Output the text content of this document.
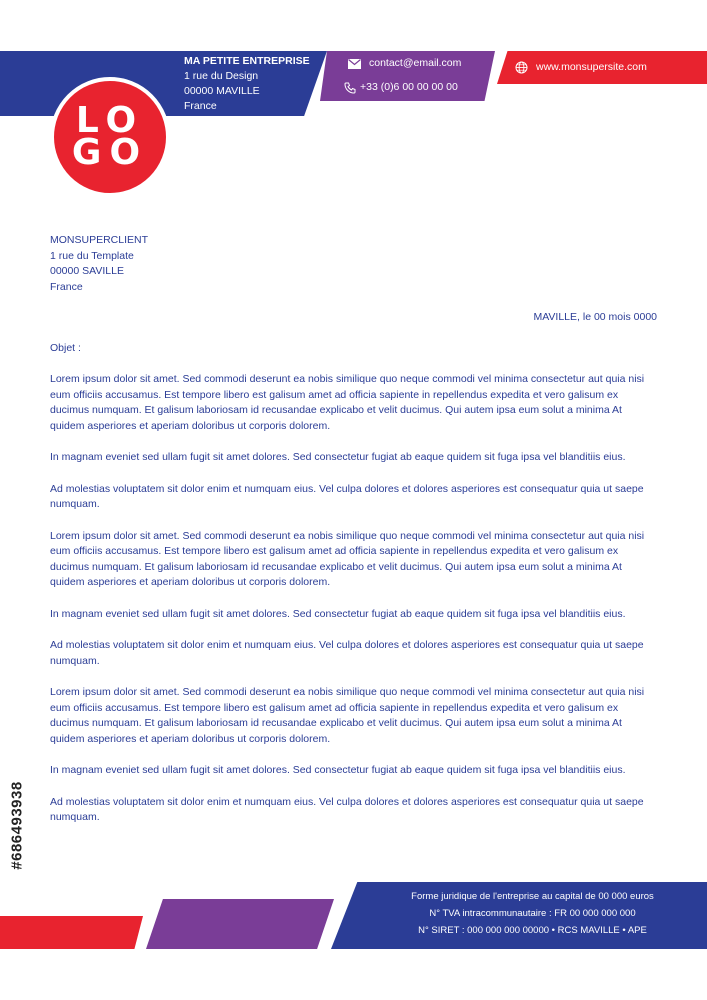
MA PETITE ENTREPRISE
1 rue du Design
00000 MAVILLE
France
contact@email.com
+33 (0)6 00 00 00 00
www.monsupersite.com
LO
GO
MONSUPERCLIENT
1 rue du Template
00000 SAVILLE
France
MAVILLE, le 00 mois 0000
Objet :

Lorem ipsum dolor sit amet. Sed commodi deserunt ea nobis similique quo neque commodi vel minima consectetur aut quia nisi eum officiis accusamus. Est tempore libero est galisum amet ad officia sapiente in repellendus expedita et vero galisum ex ducimus numquam. Et galisum laboriosam id recusandae explicabo et velit ducimus. Qui autem ipsa eum solut a minima At quidem asperiores et aperiam doloribus ut corporis dolorem.

In magnam eveniet sed ullam fugit sit amet dolores. Sed consectetur fugiat ab eaque quidem sit fuga ipsa vel blanditiis eius.

Ad molestias voluptatem sit dolor enim et numquam eius. Vel culpa dolores et dolores asperiores est consequatur quia ut saepe numquam.

Lorem ipsum dolor sit amet. Sed commodi deserunt ea nobis similique quo neque commodi vel minima consectetur aut quia nisi eum officiis accusamus. Est tempore libero est galisum amet ad officia sapiente in repellendus expedita et vero galisum ex ducimus numquam. Et galisum laboriosam id recusandae explicabo et velit ducimus. Qui autem ipsa eum solut a minima At quidem asperiores et aperiam doloribus ut corporis dolorem.

In magnam eveniet sed ullam fugit sit amet dolores. Sed consectetur fugiat ab eaque quidem sit fuga ipsa vel blanditiis eius.

Ad molestias voluptatem sit dolor enim et numquam eius. Vel culpa dolores et dolores asperiores est consequatur quia ut saepe numquam.

Lorem ipsum dolor sit amet. Sed commodi deserunt ea nobis similique quo neque commodi vel minima consectetur aut quia nisi eum officiis accusamus. Est tempore libero est galisum amet ad officia sapiente in repellendus expedita et vero galisum ex ducimus numquam. Et galisum laboriosam id recusandae explicabo et velit ducimus. Qui autem ipsa eum solut a minima At quidem asperiores et aperiam doloribus ut corporis dolorem.

In magnam eveniet sed ullam fugit sit amet dolores. Sed consectetur fugiat ab eaque quidem sit fuga ipsa vel blanditiis eius.

Ad molestias voluptatem sit dolor enim et numquam eius. Vel culpa dolores et dolores asperiores est consequatur quia ut saepe numquam.

#686493938
Forme juridique de l'entreprise au capital de 00 000 euros
N° TVA intracommunautaire : FR 00 000 000 000
N° SIRET : 000 000 000 00000 • RCS MAVILLE • APE
